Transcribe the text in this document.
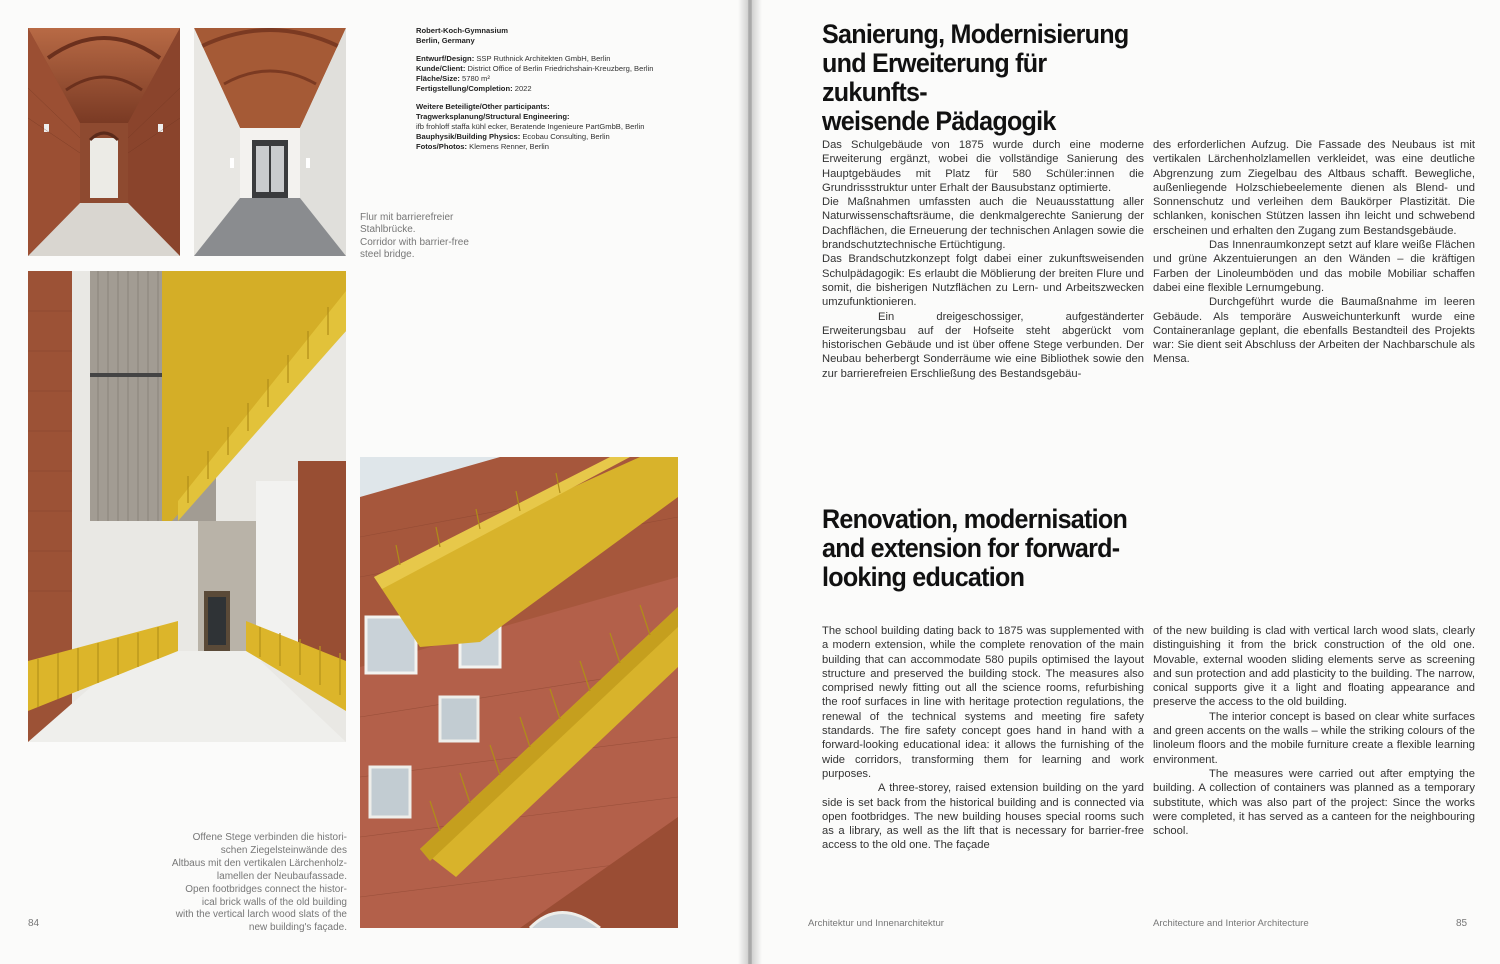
Robert-Koch-Gymnasium

Berlin, Germany

Entwurf/Design: SSP Ruthnick Architekten GmbH, Berlin

Kunde/Client: District Office of Berlin Friedrichshain-Kreuzberg, Berlin

Fläche/Size: 5780 m²

Fertigstellung/Completion: 2022

Weitere Beteiligte/Other participants:

Tragwerksplanung/Structural Engineering:

ifb frohloff staffa kühl ecker, Beratende Ingenieure PartGmbB, Berlin

Bauphysik/Building Physics: Ecobau Consulting, Berlin

Fotos/Photos: Klemens Renner, Berlin

Flur mit barrierefreier

Stahlbrücke.

Corridor with barrier-free

steel bridge.

Offene Stege verbinden die histori-

schen Ziegelsteinwände des

Altbaus mit den vertikalen Lärchenholz-

lamellen der Neubaufassade.

Open footbridges connect the histor-

ical brick walls of the old building

with the vertical larch wood slats of the

new building's façade.

84
Sanierung, Modernisierung
und Erweiterung für zukunfts-
weisende Pädagogik

Das Schulgebäude von 1875 wurde durch eine moderne Erweiterung ergänzt, wobei die vollständige Sanierung des Hauptgebäudes mit Platz für 580 Schüler:innen die Grundrissstruktur unter Erhalt der Bausubstanz optimierte.

Die Maßnahmen umfassten auch die Neuausstattung aller Naturwissenschaftsräume, die denkmalgerechte Sanierung der Dachflächen, die Erneuerung der technischen Anlagen sowie die brandschutztechnische Ertüchtigung.

Das Brandschutzkonzept folgt dabei einer zukunftsweisenden Schulpädagogik: Es erlaubt die Möblierung der breiten Flure und somit, die bisherigen Nutzflächen zu Lern- und Arbeitszwecken umzufunktionieren.

Ein dreigeschossiger, aufgeständerter Erweiterungsbau auf der Hofseite steht abgerückt vom historischen Gebäude und ist über offene Stege verbunden. Der Neubau beherbergt Sonderräume wie eine Bibliothek sowie den zur barrierefreien Erschließung des Bestandsgebäu-

des erforderlichen Aufzug. Die Fassade des Neubaus ist mit vertikalen Lärchenholzlamellen verkleidet, was eine deutliche Abgrenzung zum Ziegelbau des Altbaus schafft. Bewegliche, außenliegende Holzschiebeelemente dienen als Blend- und Sonnenschutz und verleihen dem Baukörper Plastizität. Die schlanken, konischen Stützen lassen ihn leicht und schwebend erscheinen und erhalten den Zugang zum Bestandsgebäude.

Das Innenraumkonzept setzt auf klare weiße Flächen und grüne Akzentuierungen an den Wänden – die kräftigen Farben der Linoleumböden und das mobile Mobiliar schaffen dabei eine flexible Lernumgebung.

Durchgeführt wurde die Baumaßnahme im leeren Gebäude. Als temporäre Ausweichunterkunft wurde eine Containeranlage geplant, die ebenfalls Bestandteil des Projekts war: Sie dient seit Abschluss der Arbeiten der Nachbarschule als Mensa.

Renovation, modernisation
and extension for forward-
looking education

The school building dating back to 1875 was supplemented with a modern extension, while the complete renovation of the main building that can accommodate 580 pupils optimised the layout structure and preserved the building stock. The measures also comprised newly fitting out all the science rooms, refurbishing the roof surfaces in line with heritage protection regulations, the renewal of the technical systems and meeting fire safety standards. The fire safety concept goes hand in hand with a forward-looking educational idea: it allows the furnishing of the wide corridors, transforming them for learning and work purposes.

A three-storey, raised extension building on the yard side is set back from the historical building and is connected via open footbridges. The new building houses special rooms such as a library, as well as the lift that is necessary for barrier-free access to the old one. The façade

of the new building is clad with vertical larch wood slats, clearly distinguishing it from the brick construction of the old one. Movable, external wooden sliding elements serve as screening and sun protection and add plasticity to the building. The narrow, conical supports give it a light and floating appearance and preserve the access to the old building.

The interior concept is based on clear white surfaces and green accents on the walls – while the striking colours of the linoleum floors and the mobile furniture create a flexible learning environment.

The measures were carried out after emptying the building. A collection of containers was planned as a temporary substitute, which was also part of the project: Since the works were completed, it has served as a canteen for the neighbouring school.

Architektur und Innenarchitektur	Architecture and Interior Architecture	85
